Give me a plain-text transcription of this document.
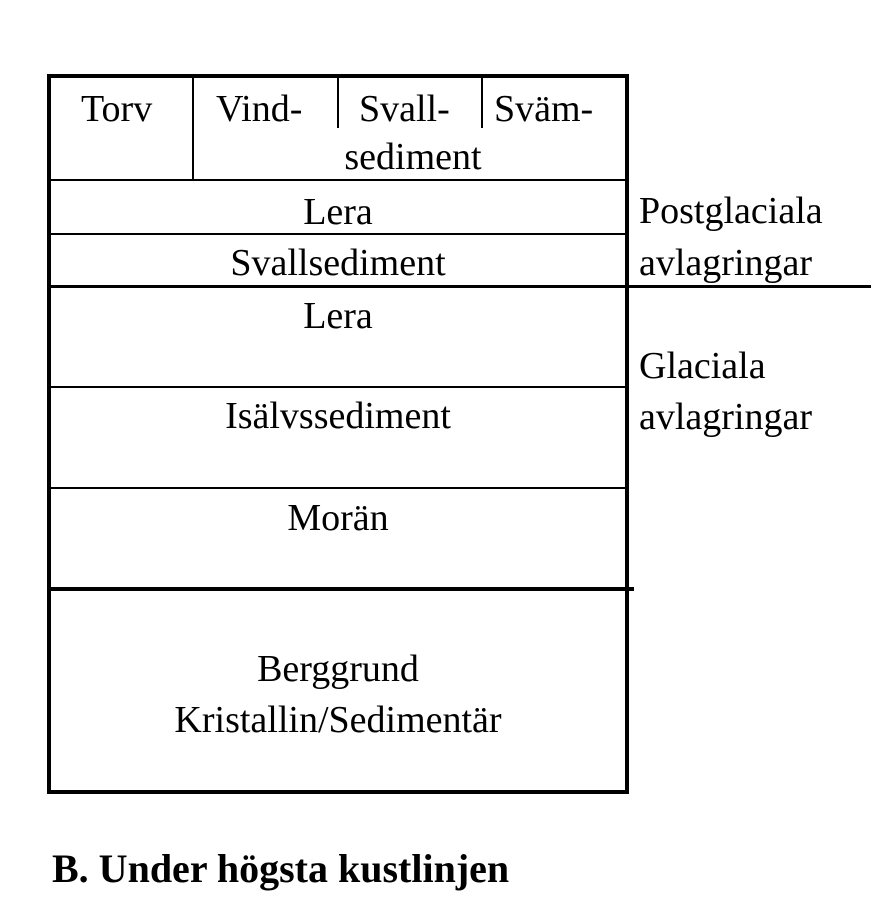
Torv Vind- Svall- Sväm-
sediment
Lera
Svallsediment
Lera
Isälvssediment
Morän
Berggrund
Kristallin/Sedimentär
Postglaciala
avlagringar
Glaciala
avlagringar
B. Under högsta kustlinjen
